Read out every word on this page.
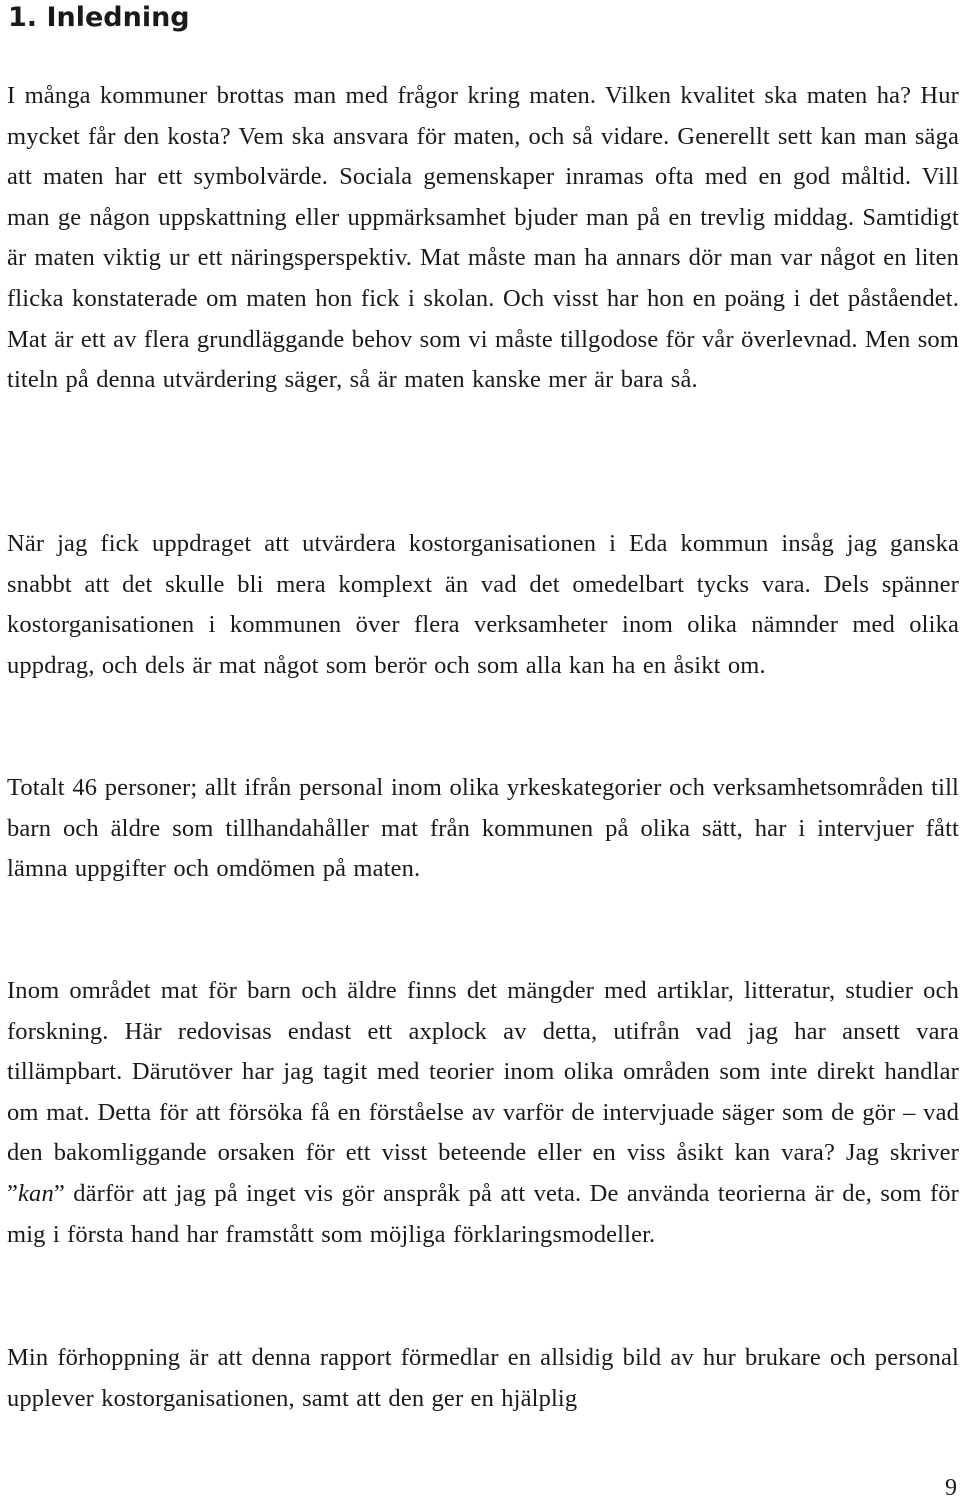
1. Inledning

I många kommuner brottas man med frågor kring maten. Vilken kvalitet ska maten ha? Hur mycket får den kosta? Vem ska ansvara för maten, och så vidare. Generellt sett kan man säga att maten har ett symbolvärde. Sociala gemenskaper inramas ofta med en god måltid. Vill man ge någon uppskattning eller uppmärksamhet bjuder man på en trevlig middag. Samtidigt är maten viktig ur ett näringsperspektiv. Mat måste man ha annars dör man var något en liten flicka konstaterade om maten hon fick i skolan. Och visst har hon en poäng i det påståendet. Mat är ett av flera grundläggande behov som vi måste tillgodose för vår överlevnad. Men som titeln på denna utvärdering säger, så är maten kanske mer är bara så.

När jag fick uppdraget att utvärdera kostorganisationen i Eda kommun insåg jag ganska snabbt att det skulle bli mera komplext än vad det omedelbart tycks vara. Dels spänner kostorganisationen i kommunen över flera verksamheter inom olika nämnder med olika uppdrag, och dels är mat något som berör och som alla kan ha en åsikt om.

Totalt 46 personer; allt ifrån personal inom olika yrkeskategorier och verksamhetsområden till barn och äldre som tillhandahåller mat från kommunen på olika sätt, har i intervjuer fått lämna uppgifter och omdömen på maten.

Inom området mat för barn och äldre finns det mängder med artiklar, litteratur, studier och forskning. Här redovisas endast ett axplock av detta, utifrån vad jag har ansett vara tillämpbart. Därutöver har jag tagit med teorier inom olika områden som inte direkt handlar om mat. Detta för att försöka få en förståelse av varför de intervjuade säger som de gör – vad den bakomliggande orsaken för ett visst beteende eller en viss åsikt kan vara? Jag skriver ”kan” därför att jag på inget vis gör anspråk på att veta. De använda teorierna är de, som för mig i första hand har framstått som möjliga förklaringsmodeller.

Min förhoppning är att denna rapport förmedlar en allsidig bild av hur brukare och personal upplever kostorganisationen, samt att den ger en hjälplig

9
